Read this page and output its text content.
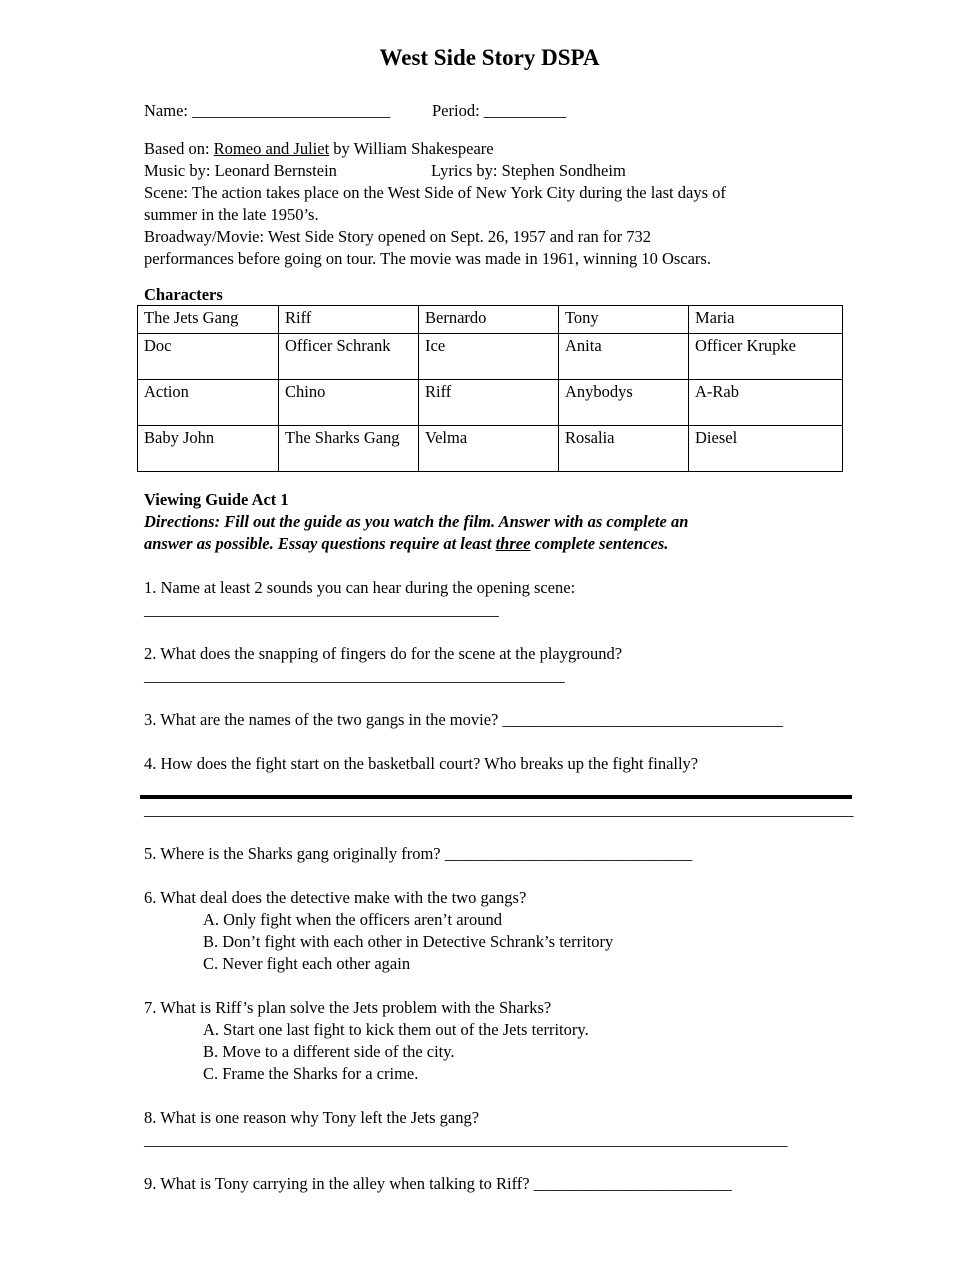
West Side Story DSPA
Name: ________________________	Period: __________
Based on: Romeo and Juliet by William Shakespeare
Music by: Leonard Bernstein	Lyrics by: Stephen Sondheim
Scene: The action takes place on the West Side of New York City during the last days of
summer in the late 1950’s.
Broadway/Movie: West Side Story opened on Sept. 26, 1957 and ran for 732
performances before going on tour. The movie was made in 1961, winning 10 Oscars.
Characters
The Jets Gang	Riff	Bernardo	Tony	Maria
Doc	Officer Schrank	Ice	Anita	Officer Krupke
Action	Chino	Riff	Anybodys	A-Rab
Baby John	The Sharks Gang	Velma	Rosalia	Diesel
Viewing Guide Act 1
Directions: Fill out the guide as you watch the film. Answer with as complete an
answer as possible. Essay questions require at least three complete sentences.
1. Name at least 2 sounds you can hear during the opening scene:
___________________________________________
2. What does the snapping of fingers do for the scene at the playground?
___________________________________________________
3. What are the names of the two gangs in the movie? __________________________________
4. How does the fight start on the basketball court? Who breaks up the fight finally?
______________________________________________________________________________________
5. Where is the Sharks gang originally from? ______________________________
6. What deal does the detective make with the two gangs?
A. Only fight when the officers aren’t around
B. Don’t fight with each other in Detective Schrank’s territory
C. Never fight each other again
7. What is Riff’s plan solve the Jets problem with the Sharks?
A. Start one last fight to kick them out of the Jets territory.
B. Move to a different side of the city.
C. Frame the Sharks for a crime.
8. What is one reason why Tony left the Jets gang?
______________________________________________________________________________
9. What is Tony carrying in the alley when talking to Riff? ________________________
